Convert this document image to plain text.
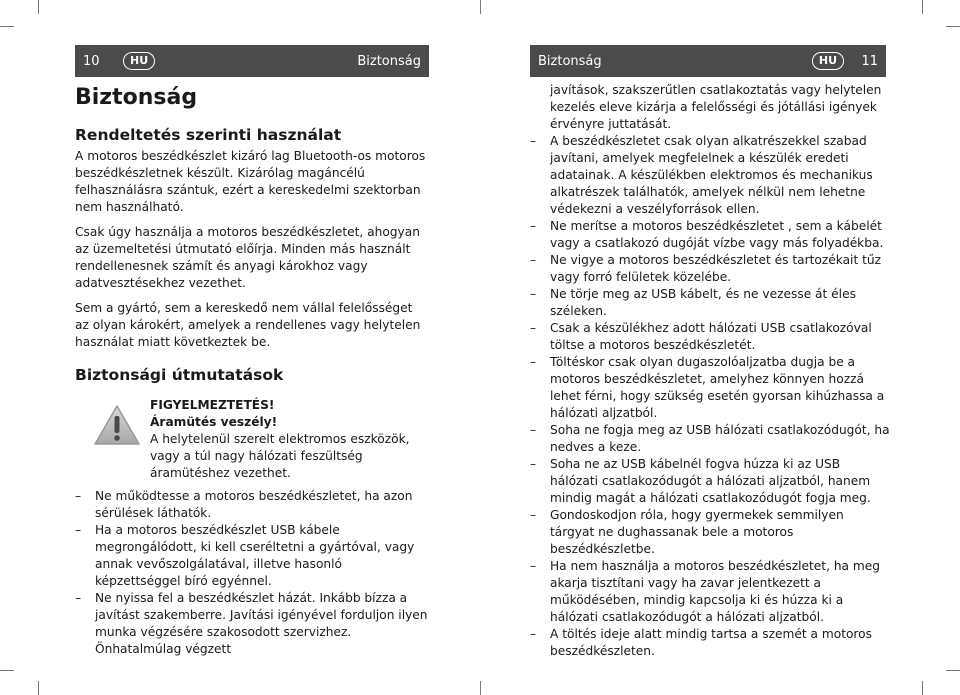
10	HU	Biztonság	Biztonság	HU	11
Biztonság
Rendeltetés szerinti használat

A motoros beszédkészlet kizáró lag Bluetooth-os motoros beszédkészletnek készült. Kizárólag magáncélú felhasználásra szántuk, ezért a kereskedelmi szektorban nem használható.

Csak úgy használja a motoros beszédkészletet, ahogyan az üzemeltetési útmutató előírja. Minden más használt rendellenesnek számít és anyagi károkhoz vagy adatvesztésekhez vezethet.

Sem a gyártó, sem a kereskedő nem vállal felelősséget az olyan károkért, amelyek a rendellenes vagy helytelen használat miatt következtek be.

Biztonsági útmutatások
FIGYELMEZTETÉS!
Áramütés veszély!
A helytelenül szerelt elektromos eszközök, vagy a túl nagy hálózati feszültség áramütéshez vezethet.
– Ne működtesse a motoros beszédkészletet, ha azon sérülések láthatók.
– Ha a motoros beszédkészlet USB kábele megrongálódott, ki kell cseréltetni a gyártóval, vagy annak vevőszolgálatával, illetve hasonló képzettséggel bíró egyénnel.
– Ne nyissa fel a beszédkészlet házát. Inkább bízza a javítást szakemberre. Javítási igényével forduljon ilyen munka végzésére szakosodott szervizhez. Önhatalmúlag végzett
javítások, szakszerűtlen csatlakoztatás vagy helytelen kezelés eleve kizárja a felelősségi és jótállási igények érvényre juttatását.
– A beszédkészletet csak olyan alkatrészekkel szabad javítani, amelyek megfelelnek a készülék eredeti adatainak. A készülékben elektromos és mechanikus alkatrészek találhatók, amelyek nélkül nem lehetne védekezni a veszélyforrások ellen.
– Ne merítse a motoros beszédkészletet , sem a kábelét vagy a csatlakozó dugóját vízbe vagy más folyadékba.
– Ne vigye a motoros beszédkészletet és tartozékait tűz vagy forró felületek közelébe.
– Ne törje meg az USB kábelt, és ne vezesse át éles széleken.
– Csak a készülékhez adott hálózati USB csatlakozóval töltse a motoros beszédkészletét.
– Töltéskor csak olyan dugaszolóaljzatba dugja be a motoros beszédkészletet, amelyhez könnyen hozzá lehet férni, hogy szükség esetén gyorsan kihúzhassa a hálózati aljzatból.
– Soha ne fogja meg az USB hálózati csatlakozódugót, ha nedves a keze.
– Soha ne az USB kábelnél fogva húzza ki az USB hálózati csatlakozódugót a hálózati aljzatból, hanem mindig magát a hálózati csatlakozódugót fogja meg.
– Gondoskodjon róla, hogy gyermekek semmilyen tárgyat ne dughassanak bele a motoros beszédkészletbe.
– Ha nem használja a motoros beszédkészletet, ha meg akarja tisztítani vagy ha zavar jelentkezett a működésében, mindig kapcsolja ki és húzza ki a hálózati csatlakozódugót a hálózati aljzatból.
– A töltés ideje alatt mindig tartsa a szemét a motoros beszédkészleten.
